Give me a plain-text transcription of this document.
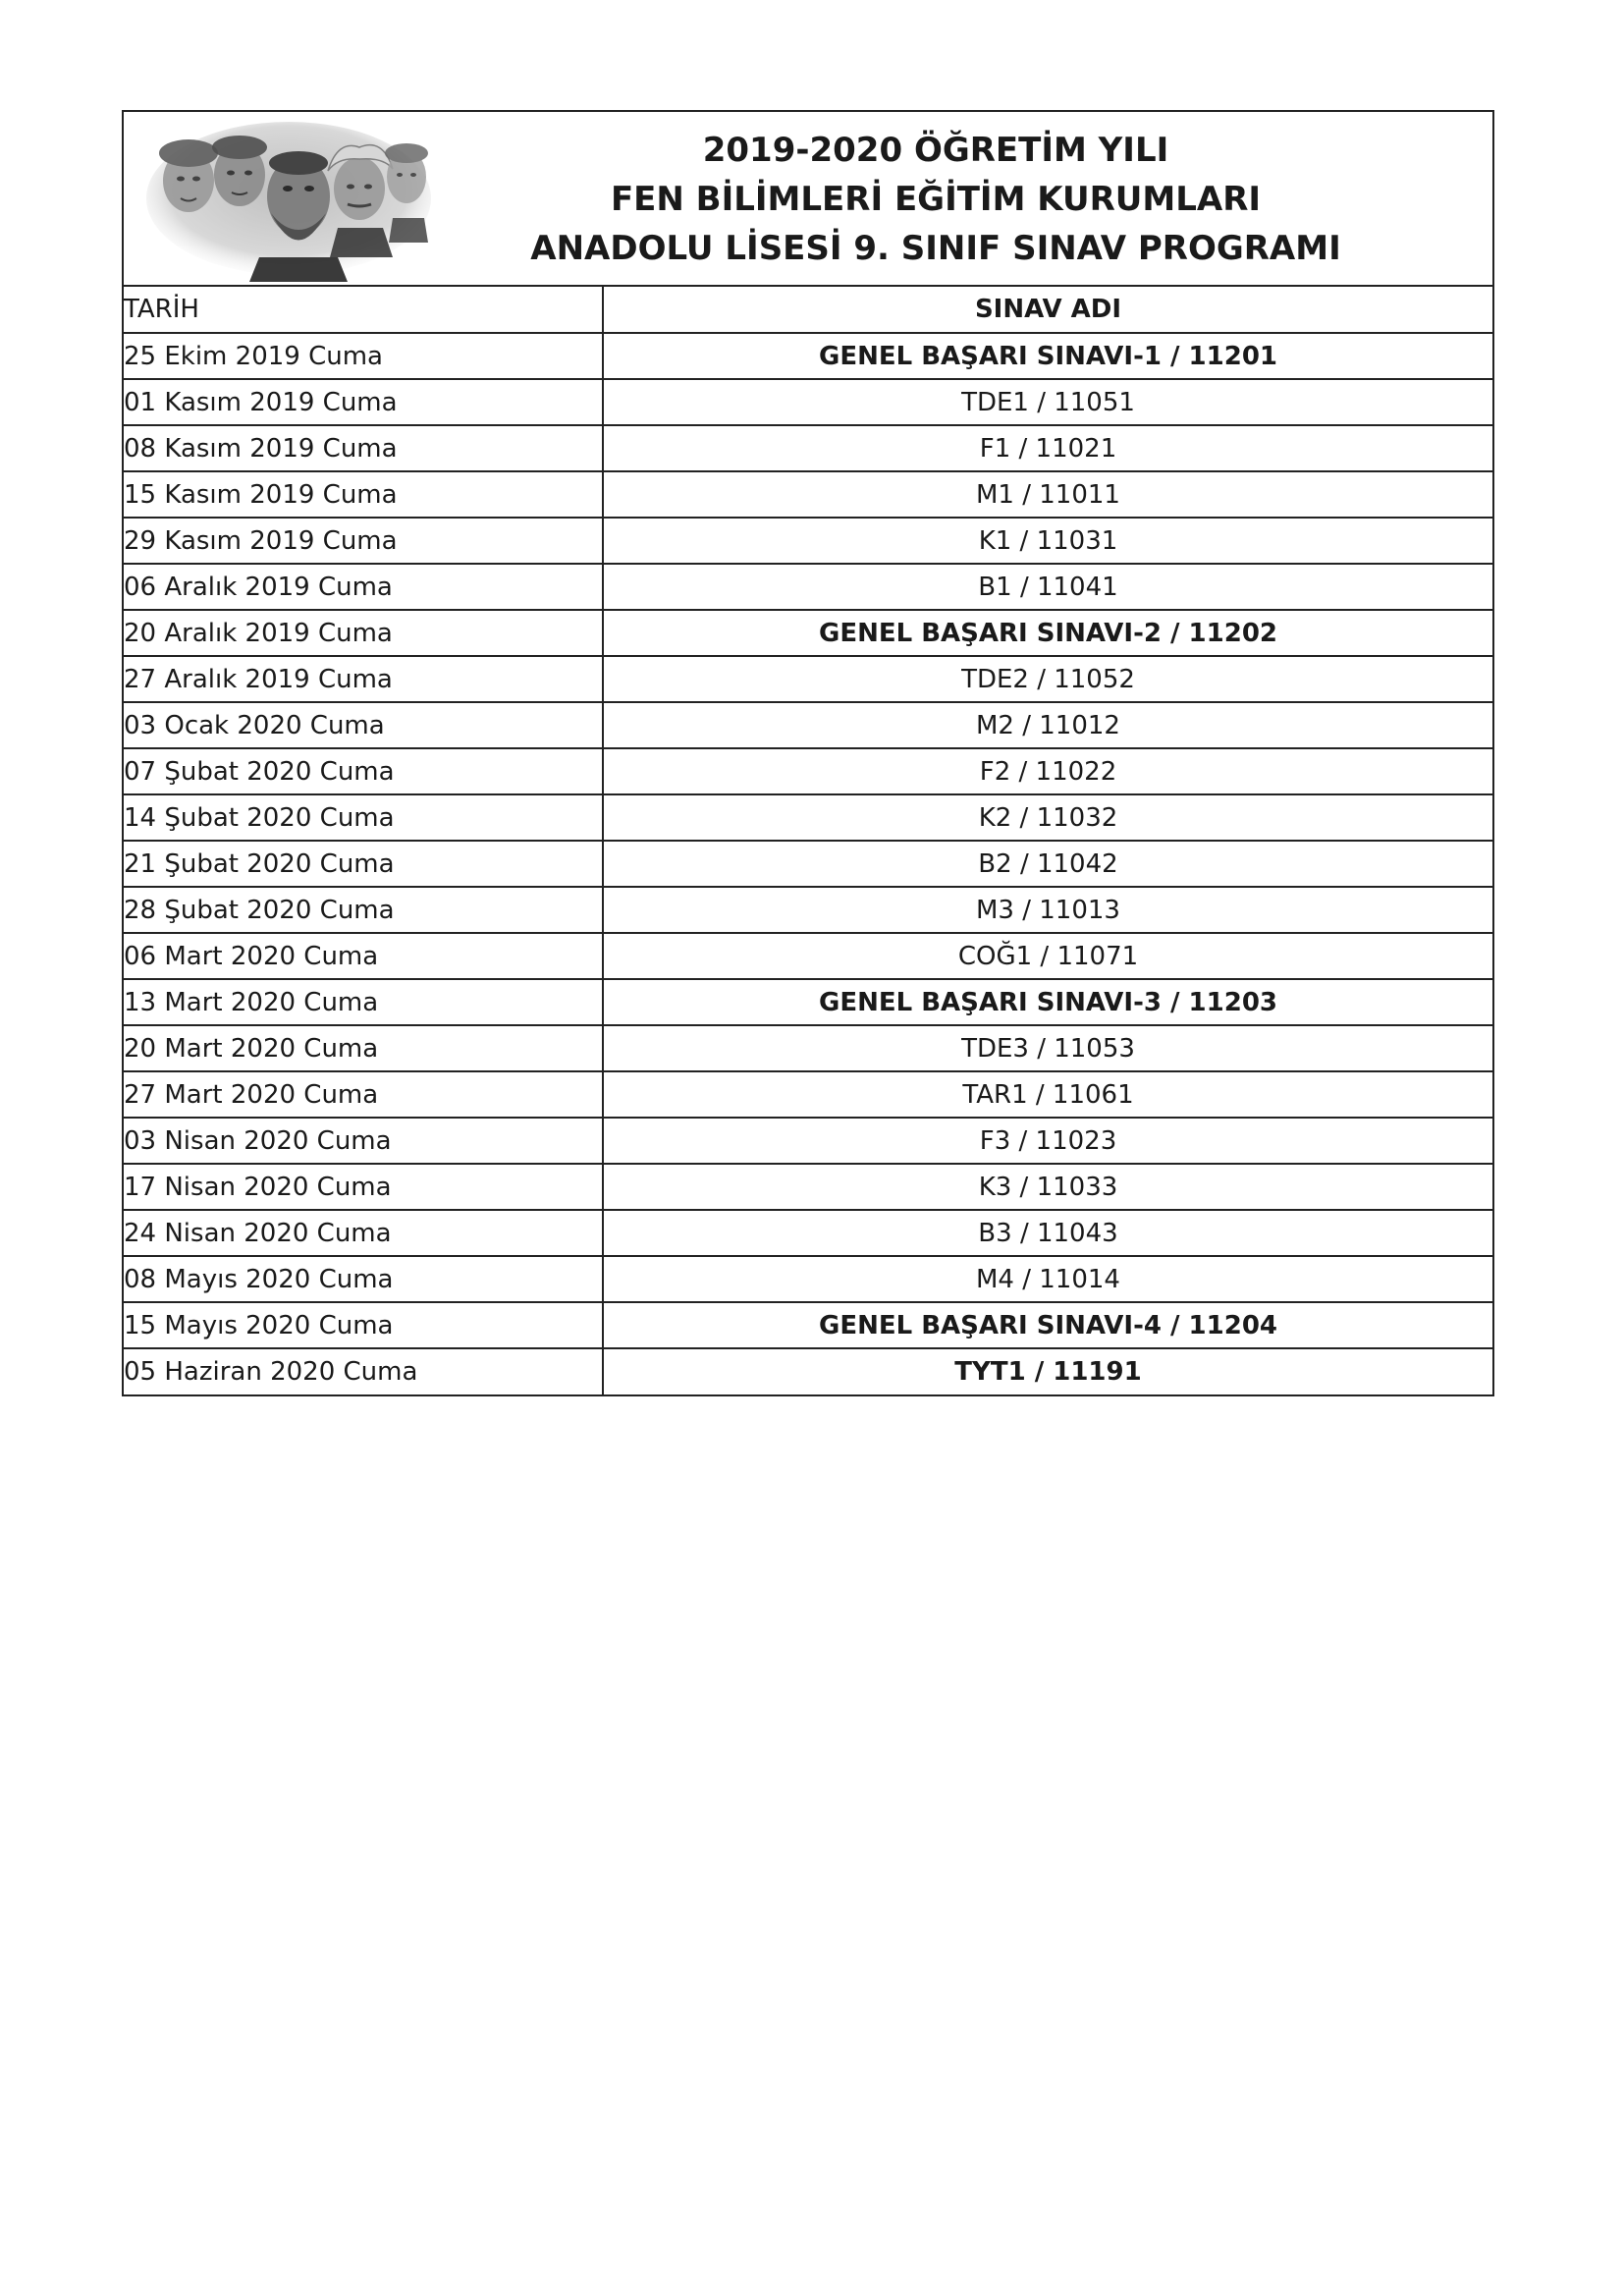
2019-2020 ÖĞRETİM YILI
FEN BİLİMLERİ EĞİTİM KURUMLARI
ANADOLU LİSESİ 9. SINIF SINAV PROGRAMI
TARİH	SINAV ADI
25 Ekim 2019 Cuma	GENEL BAŞARI SINAVI-1 / 11201
01 Kasım 2019 Cuma	TDE1 / 11051
08 Kasım 2019 Cuma	F1 / 11021
15 Kasım 2019 Cuma	M1 / 11011
29 Kasım 2019 Cuma	K1 / 11031
06 Aralık 2019 Cuma	B1 / 11041
20 Aralık 2019 Cuma	GENEL BAŞARI SINAVI-2 / 11202
27 Aralık 2019 Cuma	TDE2 / 11052
03 Ocak 2020 Cuma	M2 / 11012
07 Şubat 2020 Cuma	F2 / 11022
14 Şubat 2020 Cuma	K2 / 11032
21 Şubat 2020 Cuma	B2 / 11042
28 Şubat 2020 Cuma	M3 / 11013
06 Mart 2020 Cuma	COĞ1 / 11071
13 Mart 2020 Cuma	GENEL BAŞARI SINAVI-3 / 11203
20 Mart 2020 Cuma	TDE3 / 11053
27 Mart 2020 Cuma	TAR1 / 11061
03 Nisan 2020 Cuma	F3 / 11023
17 Nisan 2020 Cuma	K3 / 11033
24 Nisan 2020 Cuma	B3 / 11043
08 Mayıs 2020 Cuma	M4 / 11014
15 Mayıs 2020 Cuma	GENEL BAŞARI SINAVI-4 / 11204
05 Haziran 2020 Cuma	TYT1 / 11191
